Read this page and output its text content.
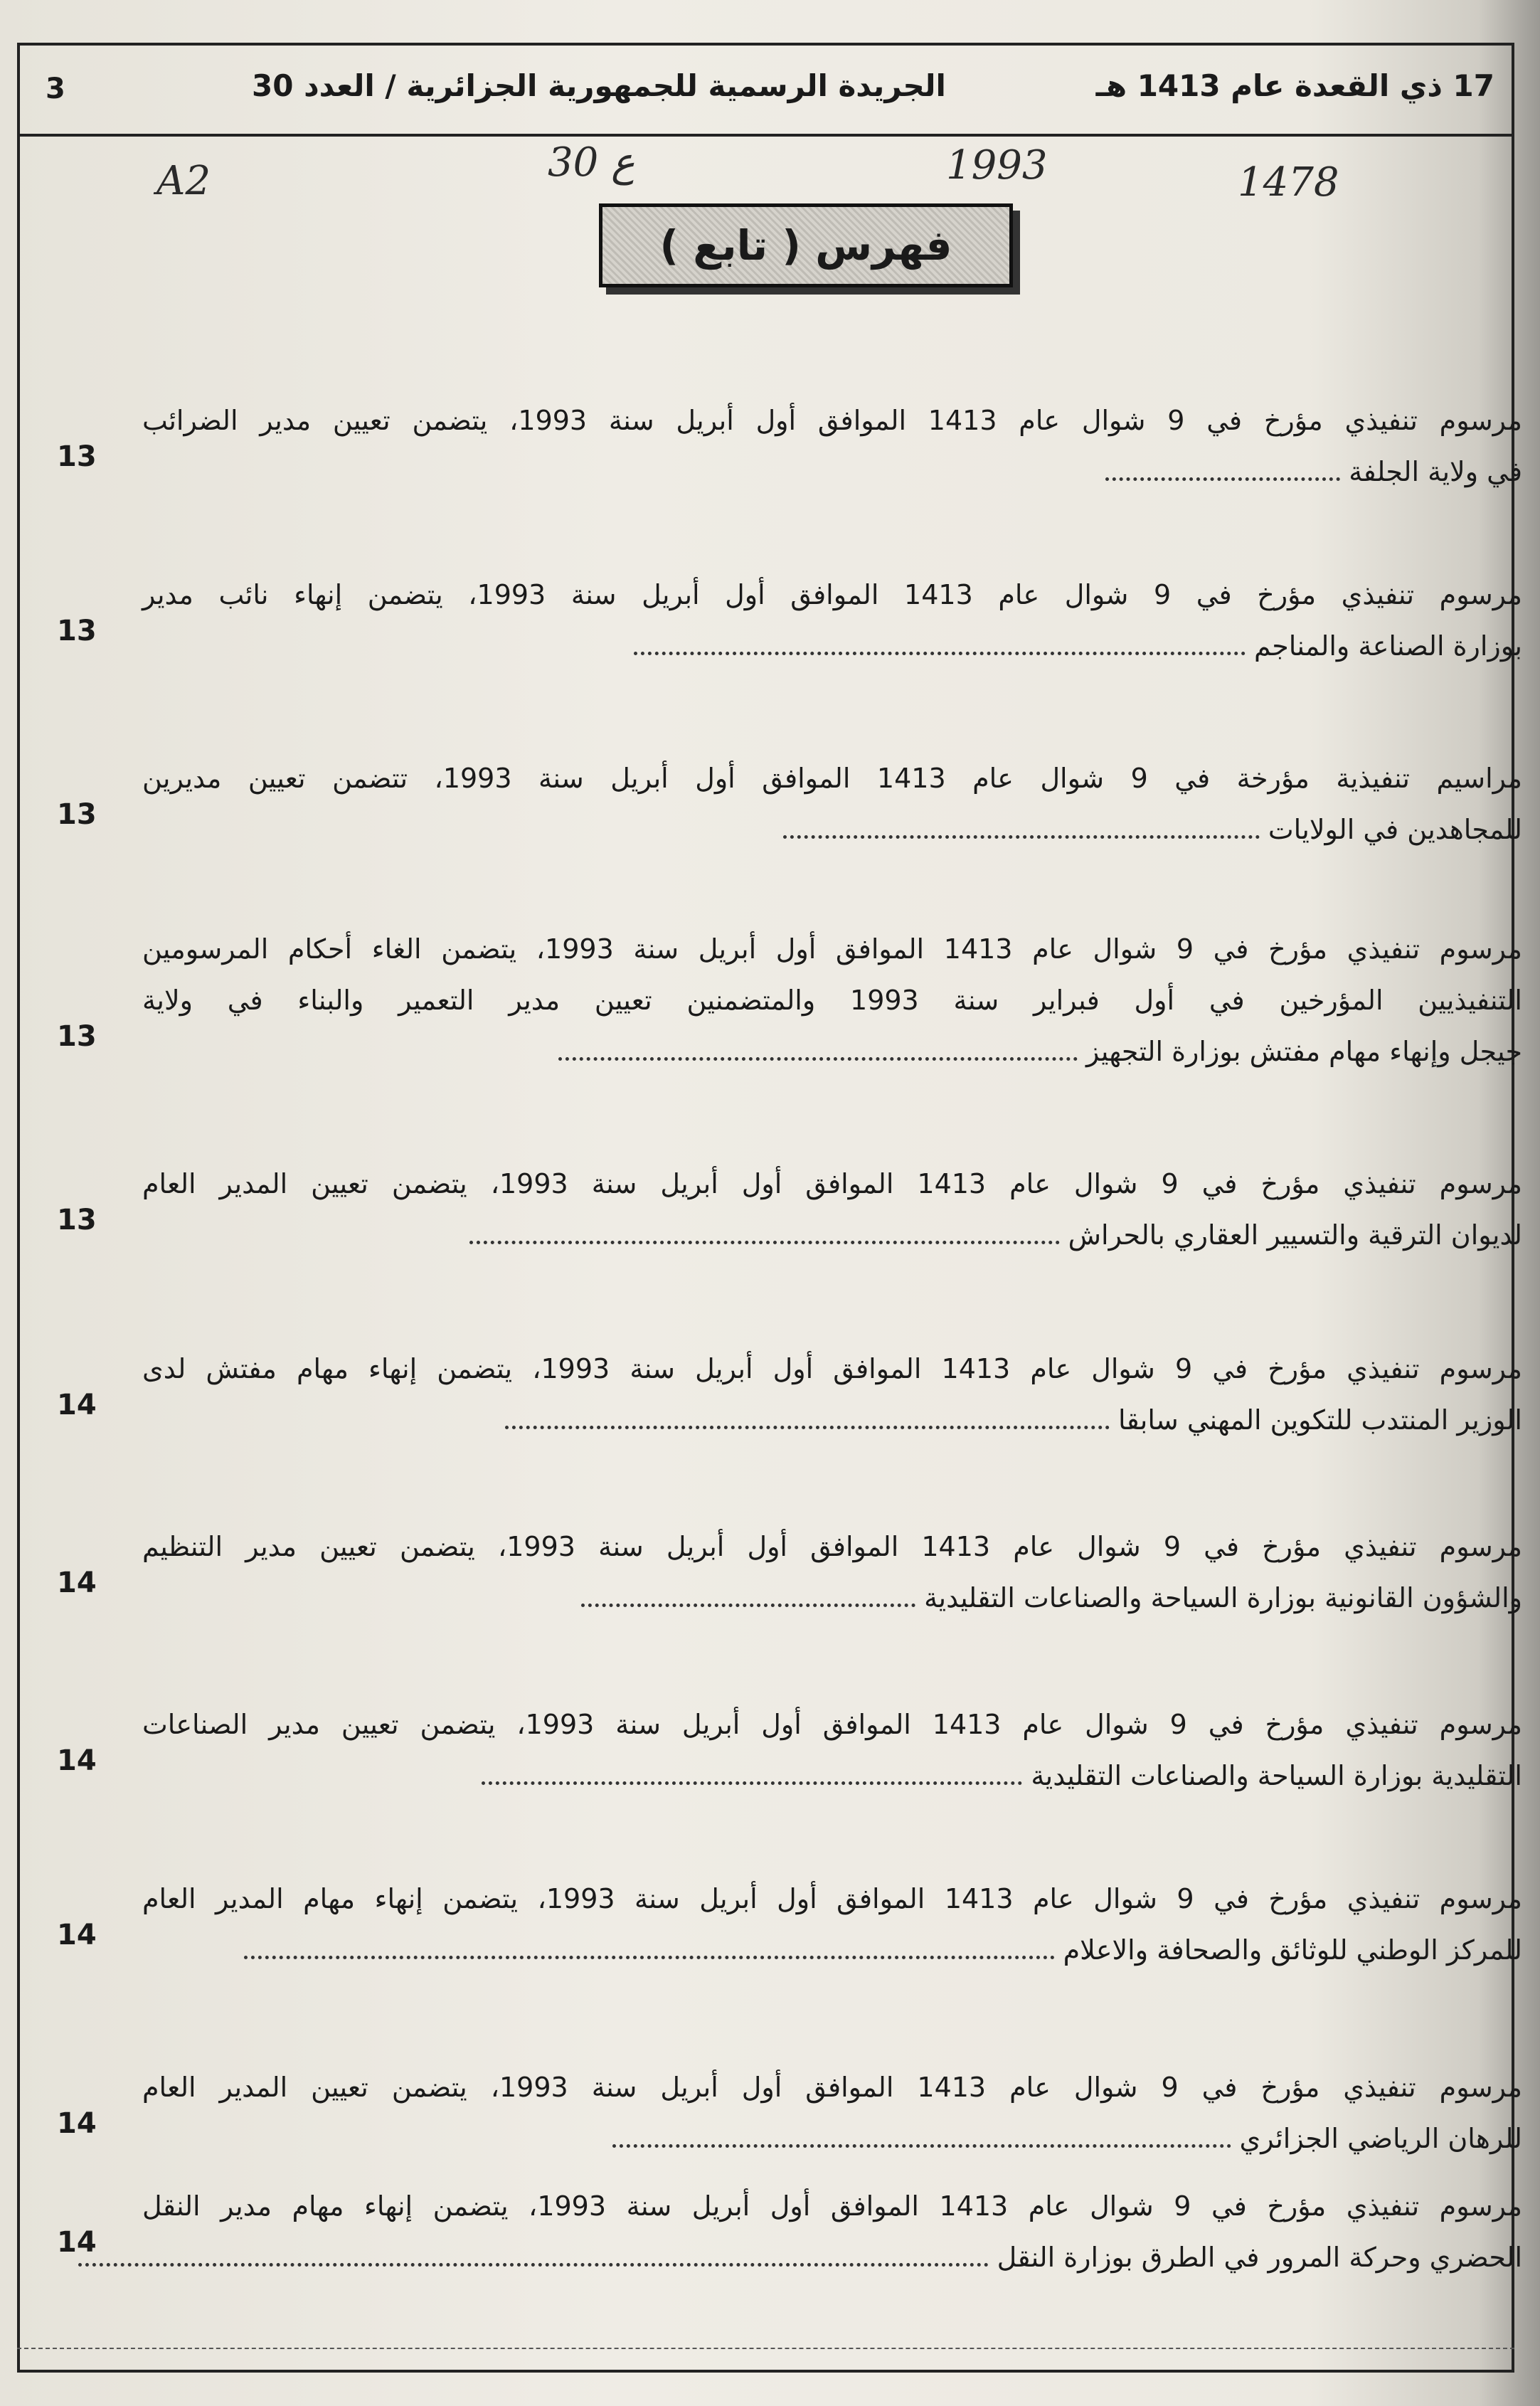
3	الجريدة الرسمية للجمهورية الجزائرية / العدد 30	17 ذي القعدة عام 1413 هـ
A2	30 ع	1993	1478
فهرس ( تابع )
مرسوم تنفيذي مؤرخ في 9 شوال عام 1413 الموافق أول أبريل سنة 1993، يتضمن تعيين مدير الضرائب
في ولاية الجلفة
13
مرسوم تنفيذي مؤرخ في 9 شوال عام 1413 الموافق أول أبريل سنة 1993، يتضمن إنهاء نائب مدير
بوزارة الصناعة والمناجم
13
مراسيم تنفيذية مؤرخة في 9 شوال عام 1413 الموافق أول أبريل سنة 1993، تتضمن تعيين مديرين
للمجاهدين في الولايات
13
مرسوم تنفيذي مؤرخ في 9 شوال عام 1413 الموافق أول أبريل سنة 1993، يتضمن الغاء أحكام المرسومين
التنفيذيين المؤرخين في أول فبراير سنة 1993 والمتضمنين تعيين مدير التعمير والبناء في ولاية
جيجل وإنهاء مهام مفتش بوزارة التجهيز
13
مرسوم تنفيذي مؤرخ في 9 شوال عام 1413 الموافق أول أبريل سنة 1993، يتضمن تعيين المدير العام
لديوان الترقية والتسيير العقاري بالحراش
13
مرسوم تنفيذي مؤرخ في 9 شوال عام 1413 الموافق أول أبريل سنة 1993، يتضمن إنهاء مهام مفتش لدى
الوزير المنتدب للتكوين المهني سابقا
14
مرسوم تنفيذي مؤرخ في 9 شوال عام 1413 الموافق أول أبريل سنة 1993، يتضمن تعيين مدير التنظيم
والشؤون القانونية بوزارة السياحة والصناعات التقليدية
14
مرسوم تنفيذي مؤرخ في 9 شوال عام 1413 الموافق أول أبريل سنة 1993، يتضمن تعيين مدير الصناعات
التقليدية بوزارة السياحة والصناعات التقليدية
14
مرسوم تنفيذي مؤرخ في 9 شوال عام 1413 الموافق أول أبريل سنة 1993، يتضمن إنهاء مهام المدير العام
للمركز الوطني للوثائق والصحافة والاعلام
14
مرسوم تنفيذي مؤرخ في 9 شوال عام 1413 الموافق أول أبريل سنة 1993، يتضمن تعيين المدير العام
للرهان الرياضي الجزائري
14
مرسوم تنفيذي مؤرخ في 9 شوال عام 1413 الموافق أول أبريل سنة 1993، يتضمن إنهاء مهام مدير النقل
الحضري وحركة المرور في الطرق بوزارة النقل
14
